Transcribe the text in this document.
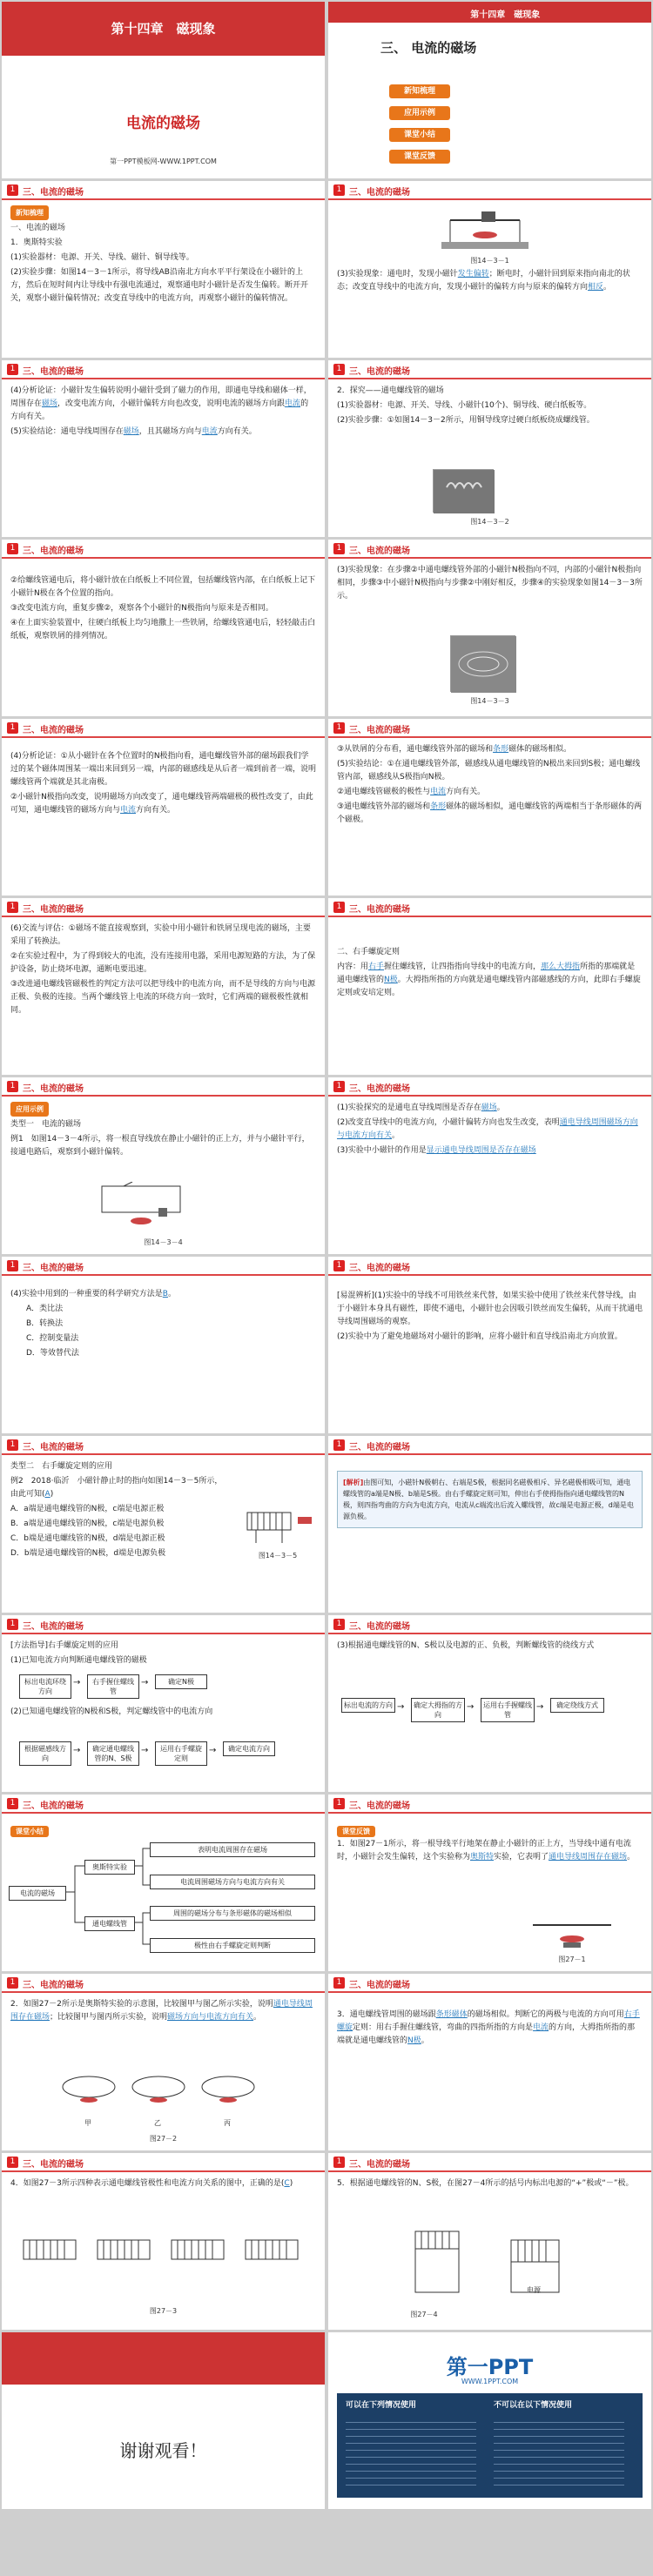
第十四章　磁现象
电流的磁场
第一PPT模板网-WWW.1PPT.COM
第十四章　磁现象
三、 电流的磁场
新知梳理
应用示例
课堂小结
课堂反馈
1 三、电流的磁场

新知梳理

一、电流的磁场

1．奥斯特实验

(1)实验器材：电源、开关、导线、磁针、铜导线等。

(2)实验步骤：如图14－3－1所示，将导线AB沿南北方向水平平行架设在小磁针的上方，然后在短时间内让导线中有强电流通过，观察通电时小磁针是否发生偏转。断开开关，观察小磁针偏转情况；改变直导线中的电流方向，再观察小磁针的偏转情况。

1 三、电流的磁场
图14－3－1

(3)实验现象：通电时，发现小磁针发生偏转；断电时，小磁针回到原来指向南北的状态；改变直导线中的电流方向，发现小磁针的偏转方向与原来的偏转方向相反。

1 三、电流的磁场

(4)分析论证：小磁针发生偏转说明小磁针受到了磁力的作用，即通电导线和磁体一样，周围存在磁场，改变电流方向，小磁针偏转方向也改变，说明电流的磁场方向跟电流的方向有关。

(5)实验结论：通电导线周围存在磁场，且其磁场方向与电流方向有关。

1 三、电流的磁场

2．探究——通电螺线管的磁场

(1)实验器材：电源、开关、导线、小磁针(10个)、铜导线、硬白纸板等。

(2)实验步骤：①如图14－3－2所示，用铜导线穿过硬白纸板绕成螺线管。

图14－3－2
1 三、电流的磁场

②给螺线管通电后，将小磁针放在白纸板上不同位置，包括螺线管内部，在白纸板上记下小磁针N极在各个位置的指向。

③改变电流方向，重复步骤②，观察各个小磁针的N极指向与原来是否相同。

④在上面实验装置中，往硬白纸板上均匀地撒上一些铁屑，给螺线管通电后，轻轻敲击白纸板，观察铁屑的排列情况。

1 三、电流的磁场

(3)实验现象：在步骤②中通电螺线管外部的小磁针N极指向不同，内部的小磁针N极指向相同，步骤③中小磁针N极指向与步骤②中刚好相反，步骤④的实验现象如图14－3－3所示。

图14－3－3
1 三、电流的磁场

(4)分析论证：①从小磁针在各个位置时的N极指向看，通电螺线管外部的磁场跟我们学过的某个磁体周围某一端出来回到另一端，内部的磁感线是从后者一端到前者一端，说明螺线管两个端就是其北南极。

②小磁针N极指向改变，说明磁场方向改变了，通电螺线管两端磁极的极性改变了，由此可知，通电螺线管的磁场方向与电流方向有关。

1 三、电流的磁场

③从铁屑的分布看，通电螺线管外部的磁场和条形磁体的磁场相似。

(5)实验结论：①在通电螺线管外部，磁感线从通电螺线管的N极出来回到S极；通电螺线管内部，磁感线从S极指向N极。

②通电螺线管磁极的极性与电流方向有关。

③通电螺线管外部的磁场和条形磁体的磁场相似，通电螺线管的两端相当于条形磁体的两个磁极。

1 三、电流的磁场

(6)交流与评估：①磁场不能直接观察到，实验中用小磁针和铁屑呈现电流的磁场，主要采用了转换法。

②在实验过程中，为了得到较大的电流，没有连接用电器，采用电源短路的方法，为了保护设备，防止烧坏电源，通断电要迅速。

③改进通电螺线管磁极性的判定方法可以把导线中的电流方向，而不是导线的方向与电源正极、负极的连接。当两个螺线管上电流的环绕方向一致时，它们两端的磁极极性就相同。

1 三、电流的磁场

二、右手螺旋定则

内容：用右手握住螺线管，让四指指向导线中的电流方向，那么大拇指所指的那端就是通电螺线管的N极。大拇指所指的方向就是通电螺线管内部磁感线的方向，此即右手螺旋定则或安培定则。

1 三、电流的磁场

应用示例

类型一　电流的磁场

例1　如图14－3－4所示，将一根直导线放在静止小磁针的正上方，并与小磁针平行，接通电路后，观察到小磁针偏转。

图14－3－4
1 三、电流的磁场

(1)实验探究的是通电直导线周围是否存在磁场。

(2)改变直导线中的电流方向，小磁针偏转方向也发生改变，表明通电导线周围磁场方向与电流方向有关。

(3)实验中小磁针的作用是显示通电导线周围是否存在磁场

1 三、电流的磁场

(4)实验中用到的一种重要的科学研究方法是B。

A．类比法

B．转换法

C．控制变量法

D．等效替代法

1 三、电流的磁场

[易混辨析](1)实验中的导线不可用铁丝来代替，如果实验中使用了铁丝来代替导线，由于小磁针本身具有磁性，即使不通电，小磁针也会因吸引铁丝而发生偏转，从而干扰通电导线周围磁场的观察。

(2)实验中为了避免地磁场对小磁针的影响，应将小磁针和直导线沿南北方向放置。

1 三、电流的磁场

类型二　右手螺旋定则的应用

例2　2018·临沂　小磁针静止时的指向如图14－3－5所示，由此可知(A)

A．a端是通电螺线管的N极，c端是电源正极

B．a端是通电螺线管的N极，c端是电源负极

C．b端是通电螺线管的N极，d端是电源正极

D．b端是通电螺线管的N极，d端是电源负极	图14－3－5
1 三、电流的磁场
[解析]由图可知，小磁针N极朝右、右端是S极，根据同名磁极相斥、异名磁极相吸可知，通电螺线管的a端是N极、b端是S极。由右手螺旋定则可知，伸出右手使拇指指向通电螺线管的N极，则四指弯曲的方向为电流方向，电流从c端流出后流入螺线管，故c端是电源正极，d端是电源负极。
1 三、电流的磁场

[方法指导]右手螺旋定则的应用

(1)已知电流方向判断通电螺线管的磁极

标出电流环绕方向
→	右手握住螺线管
→	确定N极

(2)已知通电螺线管的N极和S极，判定螺线管中的电流方向

根据磁感线方向
→	确定通电螺线管的N、S极
→	运用右手螺旋定则
→	确定电流方向
1 三、电流的磁场

(3)根据通电螺线管的N、S极以及电源的正、负极，判断螺线管的绕线方式

标出电流的方向 →	确定大拇指的方向
→	运用右手握螺线管
→	确定绕线方式
1 三、电流的磁场
课堂小结
电流的磁场
奥斯特实验
通电螺线管
表明电流周围存在磁场
电流周围磁场方向与电流方向有关
周围的磁场分布与条形磁体的磁场相似
极性由右手螺旋定则判断
1 三、电流的磁场
课堂反馈

1．如图27－1所示，将一根导线平行地架在静止小磁针的正上方，当导线中通有电流时，小磁针会发生偏转，这个实验称为奥斯特实验，它表明了通电导线周围存在磁场。

图27－1
1 三、电流的磁场

2．如图27－2所示是奥斯特实验的示意图，比较图甲与图乙所示实验，说明通电导线周围存在磁场；比较图甲与图丙所示实验，说明磁场方向与电流方向有关。

甲	乙	丙
图27－2
1 三、电流的磁场

3．通电螺线管周围的磁场跟条形磁体的磁场相似。判断它的两极与电流的方向可用右手螺旋定则：用右手握住螺线管，弯曲的四指所指的方向是电流的方向，大拇指所指的那端就是通电螺线管的N极。

1 三、电流的磁场

4．如图27－3所示四种表示通电螺线管极性和电流方向关系的图中，正确的是(C)

图27－3
1 三、电流的磁场

5．根据通电螺线管的N、S极，在图27－4所示的括号内标出电源的“+”极或“－”极。

电源
图27－4
谢谢观看！
第一PPT
WWW.1PPT.COM
可以在下列情况使用	不可以在以下情况使用
